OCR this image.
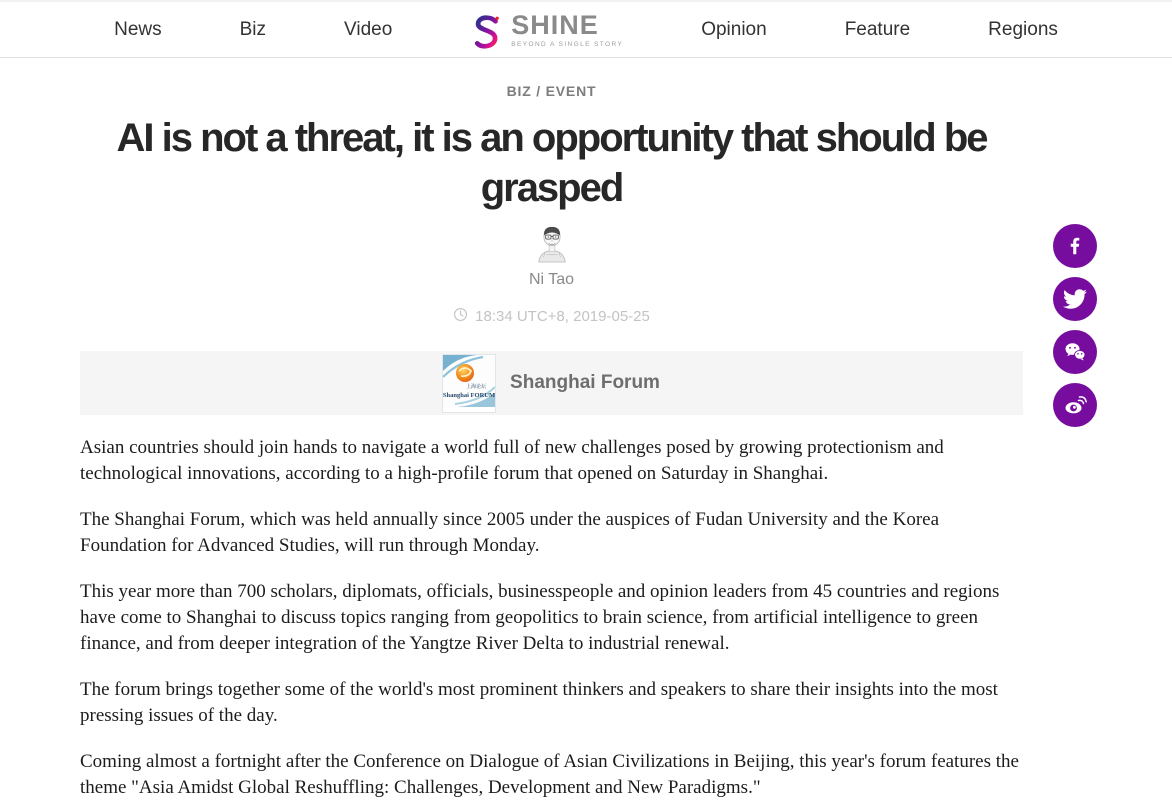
News	Biz	Video	SHINE
BEYOND A SINGLE STORY
Opinion	Feature	Regions
BIZ / EVENT
AI is not a threat, it is an opportunity that should be grasped
Ni Tao
18:34 UTC+8, 2019-05-25
上海论坛
Shanghai FORUM
Shanghai Forum

Asian countries should join hands to navigate a world full of new challenges posed by growing protectionism and technological innovations, according to a high-profile forum that opened on Saturday in Shanghai.

The Shanghai Forum, which was held annually since 2005 under the auspices of Fudan University and the Korea Foundation for Advanced Studies, will run through Monday.

This year more than 700 scholars, diplomats, officials, businesspeople and opinion leaders from 45 countries and regions have come to Shanghai to discuss topics ranging from geopolitics to brain science, from artificial intelligence to green finance, and from deeper integration of the Yangtze River Delta to industrial renewal.

The forum brings together some of the world's most prominent thinkers and speakers to share their insights into the most pressing issues of the day.

Coming almost a fortnight after the Conference on Dialogue of Asian Civilizations in Beijing, this year's forum features the theme "Asia Amidst Global Reshuffling: Challenges, Development and New Paradigms."
